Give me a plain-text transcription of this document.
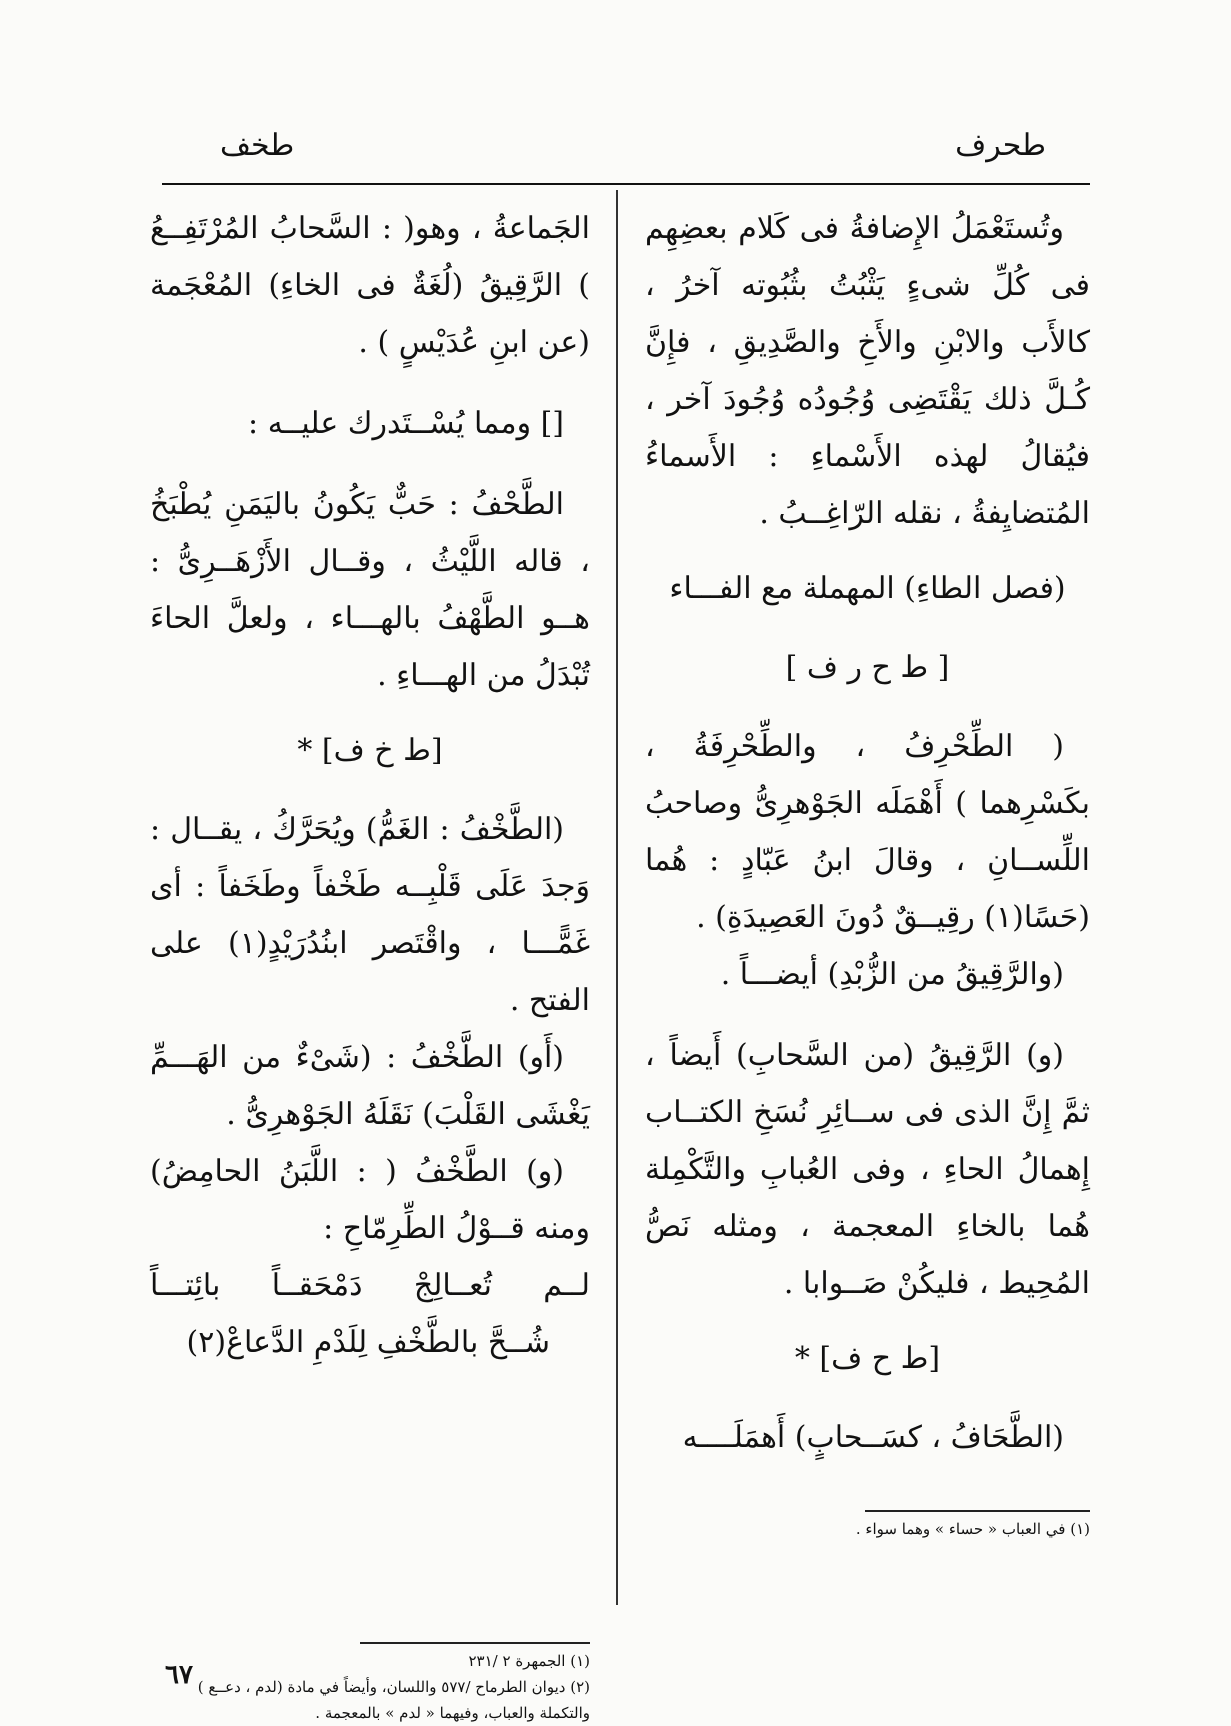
طحرف
طخف

وتُستَعْمَلُ الإِضافةُ فى كَلام بعضِهِم فى كُلِّ شىءٍ يَثْبُتُ بثُبُوته آخرُ ، كالأَب والابْنِ والأَخِ والصَّدِيقِ ، فإِنَّ كُـلَّ ذلك يَقْتَضِى وُجُودُه وُجُودَ آخر ، فيُقالُ لهذه الأَسْماءِ : الأَسماءُ المُتضايِفةُ ، نقله الرّاغِــبُ .

(فصل الطاءِ) المهملة مع الفـــاء

[ ط ح ر ف ]

( الطِّحْرِفُ ، والطِّحْرِفَةُ ، بكَسْرِهما ) أَهْمَلَه الجَوْهرِىُّ وصاحبُ اللِّســانِ ، وقالَ ابنُ عَبّادٍ : هُما (حَسًا(١) رقِيــقٌ دُونَ العَصِيدَةِ) .

(والرَّقِيقُ من الزُّبْدِ) أيضـــاً .

(و) الرَّقِيقُ (من السَّحابِ) أَيضاً ، ثمَّ إِنَّ الذى فى ســائِرِ نُسَخِ الكتــاب إِهمالُ الحاءِ ، وفى العُبابِ والتَّكْمِلة هُما بالخاءِ المعجمة ، ومثله نَصُّ المُحِيط ، فليكُنْ صَــوابا .

[ط ح ف] *

(الطَّحَافُ ، كسَــحابٍ) أَهمَلَــــه

الجَماعةُ ، وهو( : السَّحابُ المُرْتَفِــعُ ) الرَّقِيقُ (لُغَةٌ فى الخاءِ) المُعْجَمة (عن ابنِ عُدَيْسٍ ) .

[] ومما يُسْــتَدرك عليــه :

الطَّحْفُ : حَبٌّ يَكُونُ باليَمَنِ يُطْبَخُ ، قاله اللَّيْثُ ، وقــال الأَزْهَــرِىُّ : هــو الطَّهْفُ بالهـــاء ، ولعلَّ الحاءَ تُبْدَلُ من الهـــاءِ .

[ط خ ف] *

(الطَّخْفُ : الغَمُّ) ويُحَرَّكُ ، يقــال : وَجدَ عَلَى قَلْبِــه طَخْفاً وطَخَفاً : أى غَمًّـــا ، واقْتَصر ابنُدُرَيْدٍ(١) على الفتح .

(أَو) الطَّخْفُ : (شَىْءٌ من الهَـــمِّ يَغْشَى القَلْبَ) نَقَلَهُ الجَوْهرِىُّ .

(و) الطَّخْفُ ( : اللَّبَنُ الحامِضُ) ومنه قــوْلُ الطِّرِمّاحِ :

لــم تُعــالِجْ دَمْحَقــاً بائِتـــاً

شُــحَّ بالطَّخْفِ لِلَدْمِ الدَّعاعْ(٢)

(١) الجمهرة ٢ /٢٣١

(٢) ديوان الطرماح /٥٧٧ واللسان، وأيضاً في مادة (لدم ، دعــع ) والتكملة والعباب، وفيهما « لدم » بالمعجمة .

(١) في العباب « حساء » وهما سواء .

٦٧
